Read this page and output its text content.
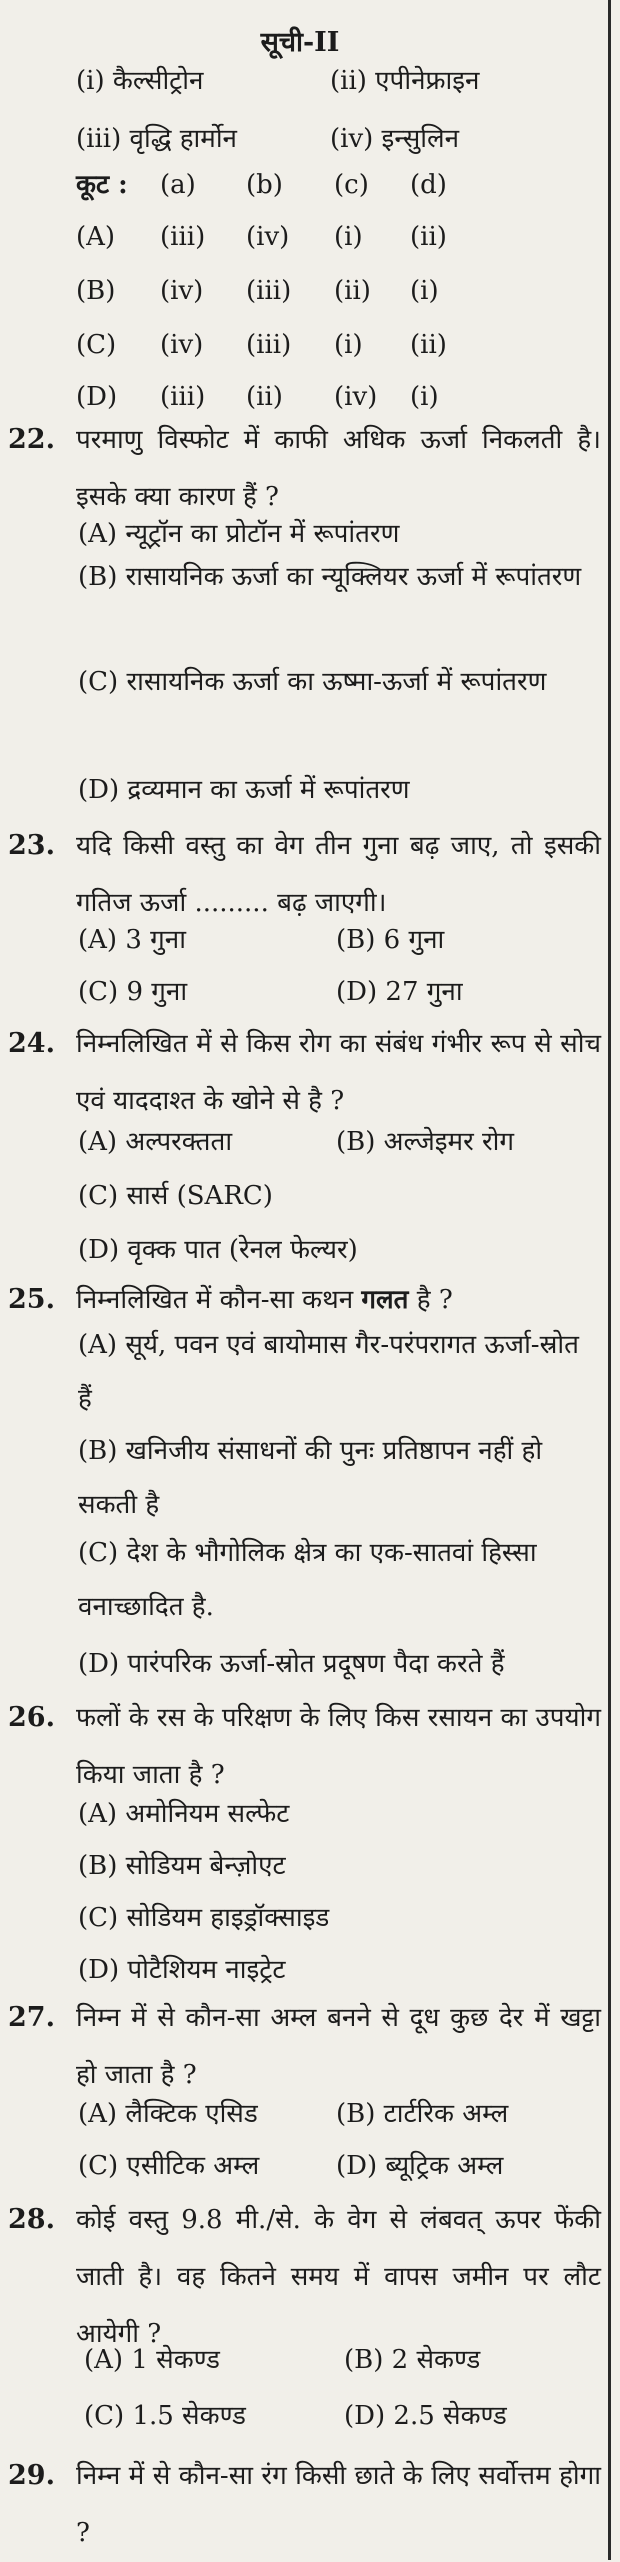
सूची-II
(i) कैल्सीट्रोन	(ii) एपीनेफ्राइन
(iii) वृद्धि हार्मोन	(iv) इन्सुलिन
कूट : (a) (b) (c) (d)
(A) (iii) (iv) (i) (ii)
(B) (iv) (iii) (ii) (i)
(C) (iv) (iii) (i) (ii)
(D) (iii) (ii) (iv) (i)
22. परमाणु विस्फोट में काफी अधिक ऊर्जा निकलती है। इसके क्या कारण हैं ?
(A) न्यूट्रॉन का प्रोटॉन में रूपांतरण
(B) रासायनिक ऊर्जा का न्यूक्लियर ऊर्जा में रूपांतरण
(C) रासायनिक ऊर्जा का ऊष्मा-ऊर्जा में रूपांतरण
(D) द्रव्यमान का ऊर्जा में रूपांतरण
23. यदि किसी वस्तु का वेग तीन गुना बढ़ जाए, तो इसकी गतिज ऊर्जा ......... बढ़ जाएगी।
(A) 3 गुना	(B) 6 गुना
(C) 9 गुना	(D) 27 गुना
24. निम्नलिखित में से किस रोग का संबंध गंभीर रूप से सोच एवं याददाश्त के खोने से है ?
(A) अल्परक्तता	(B) अल्जेइमर रोग
(C) सार्स (SARC)
(D) वृक्क पात (रेनल फेल्यर)
25. निम्नलिखित में कौन-सा कथन गलत है ?
(A) सूर्य, पवन एवं बायोमास गैर-परंपरागत ऊर्जा-स्रोत हैं
(B) खनिजीय संसाधनों की पुनः प्रतिष्ठापन नहीं हो सकती है
(C) देश के भौगोलिक क्षेत्र का एक-सातवां हिस्सा वनाच्छादित है.
(D) पारंपरिक ऊर्जा-स्रोत प्रदूषण पैदा करते हैं
26. फलों के रस के परिक्षण के लिए किस रसायन का उपयोग किया जाता है ?
(A) अमोनियम सल्फेट
(B) सोडियम बेन्ज़ोएट
(C) सोडियम हाइड्रॉक्साइड
(D) पोटैशियम नाइट्रेट
27. निम्न में से कौन-सा अम्ल बनने से दूध कुछ देर में खट्टा हो जाता है ?
(A) लैक्टिक एसिड	(B) टार्टरिक अम्ल
(C) एसीटिक अम्ल	(D) ब्यूट्रिक अम्ल
28. कोई वस्तु 9.8 मी./से. के वेग से लंबवत् ऊपर फेंकी जाती है। वह कितने समय में वापस जमीन पर लौट आयेगी ?
(A) 1 सेकण्ड	(B) 2 सेकण्ड
(C) 1.5 सेकण्ड	(D) 2.5 सेकण्ड
29. निम्न में से कौन-सा रंग किसी छाते के लिए सर्वोत्तम होगा ?
